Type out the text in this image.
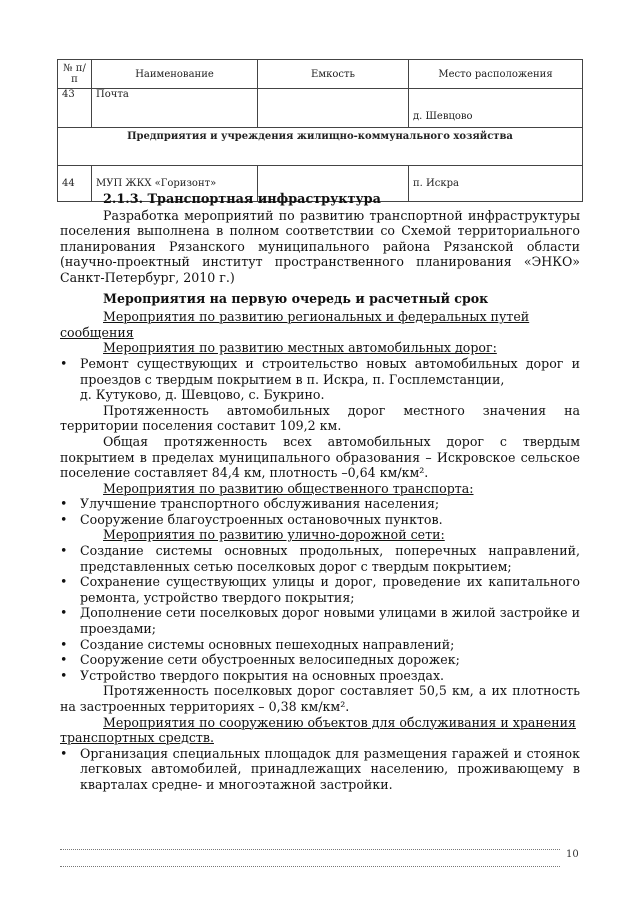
№ п/п	Наименование	Емкость	Место расположения
43	Почта		д. Шевцово
Предприятия и учреждения жилищно-коммунального хозяйства			
44	МУП ЖКХ «Горизонт»		п. Искра

2.1.3. Транспортная инфраструктура

Разработка мероприятий по развитию транспортной инфраструктуры поселения выполнена в полном соответствии со Схемой территориального планирования Рязанского муниципального района Рязанской области (научно-проектный институт пространственного планирования «ЭНКО» Санкт-Петербург, 2010 г.)

Мероприятия на первую очередь и расчетный срок

Мероприятия по развитию региональных и федеральных путей сообщения

Мероприятия по развитию местных автомобильных дорог:

• Ремонт существующих и строительство новых автомобильных дорог и проездов с твердым покрытием в п. Искра, п. Госплемстанции,

д. Кутуково, д. Шевцово, с. Букрино.

Протяженность автомобильных дорог местного значения на территории поселения составит 109,2 км.

Общая протяженность всех автомобильных дорог с твердым покрытием в пределах муниципального образования – Искровское сельское поселение составляет 84,4 км, плотность –0,64 км/км².

Мероприятия по развитию общественного транспорта:

• Улучшение транспортного обслуживания населения;
• Сооружение благоустроенных остановочных пунктов.

Мероприятия по развитию улично-дорожной сети:

• Создание системы основных продольных, поперечных направлений, представленных сетью поселковых дорог с твердым покрытием;
• Сохранение существующих улицы и дорог, проведение их капитального ремонта, устройство твердого покрытия;
• Дополнение сети поселковых дорог новыми улицами в жилой застройке и проездами;
• Создание системы основных пешеходных направлений;
• Сооружение сети обустроенных велосипедных дорожек;
• Устройство твердого покрытия на основных проездах.

Протяженность поселковых дорог составляет 50,5 км, а их плотность на застроенных территориях – 0,38 км/км².

Мероприятия по сооружению объектов для обслуживания и хранения транспортных средств.

• Организация специальных площадок для размещения гаражей и стоянок легковых автомобилей, принадлежащих населению, проживающему в кварталах средне- и многоэтажной застройки.
10
